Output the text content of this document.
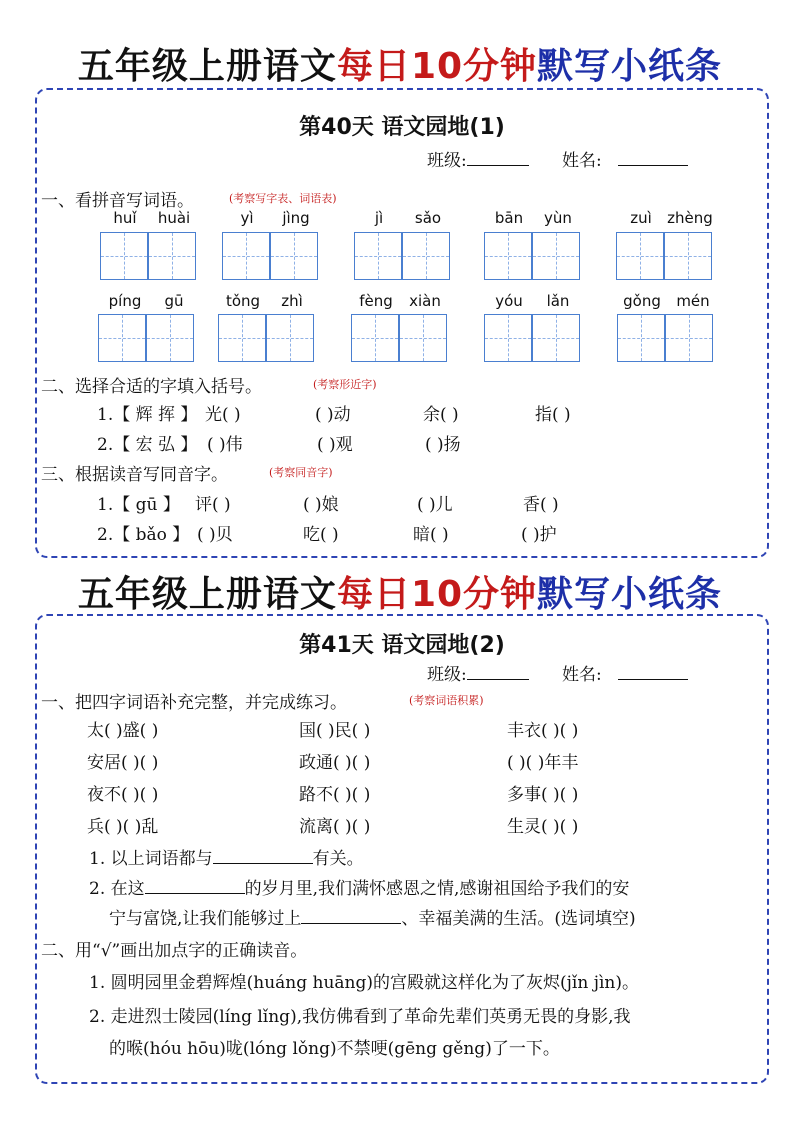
五年级上册语文每日10分钟默写小纸条
第40天 语文园地(1)
班级:	姓名:
一、看拼音写词语。	(考察写字表、词语表)
huǐ	huài	yì	jìng	jì	sǎo	bān	yùn	zuì	zhèng
píng	gū	tǒng	zhì	fèng	xiàn	yóu	lǎn	gǒng	mén
二、选择合适的字填入括号。	(考察形近字)
1.【 辉 挥 】 光( )	( )动	余( )	指( )
2.【 宏 弘 】 ( )伟	( )观	( )扬
三、根据读音写同音字。	(考察同音字)
1.【 gū 】 评( )	( )娘	( )儿	香( )
2.【 bǎo 】 ( )贝	吃( )	暗( )	( )护
五年级上册语文每日10分钟默写小纸条
第41天 语文园地(2)
班级:	姓名:
一、把四字词语补充完整，并完成练习。	(考察词语积累)
太( )盛( )	国( )民( )	丰衣( )( )
安居( )( )	政通( )( )	( )( )年丰
夜不( )( )	路不( )( )	多事( )( )
兵( )( )乱	流离( )( )	生灵( )( )
1. 以上词语都与	有关。
2. 在这	的岁月里,我们满怀感恩之情,感谢祖国给予我们的安
宁与富饶,让我们能够过上	、幸福美满的生活。(选词填空)
二、用“√”画出加点字的正确读音。
1. 圆明园里金碧辉煌(huáng huāng)的宫殿就这样化为了灰烬(jǐn jìn)。
2. 走进烈士陵园(líng lǐng),我仿佛看到了革命先辈们英勇无畏的身影,我
的喉(hóu hōu)咙(lóng lǒng)不禁哽(gēng gěng)了一下。
